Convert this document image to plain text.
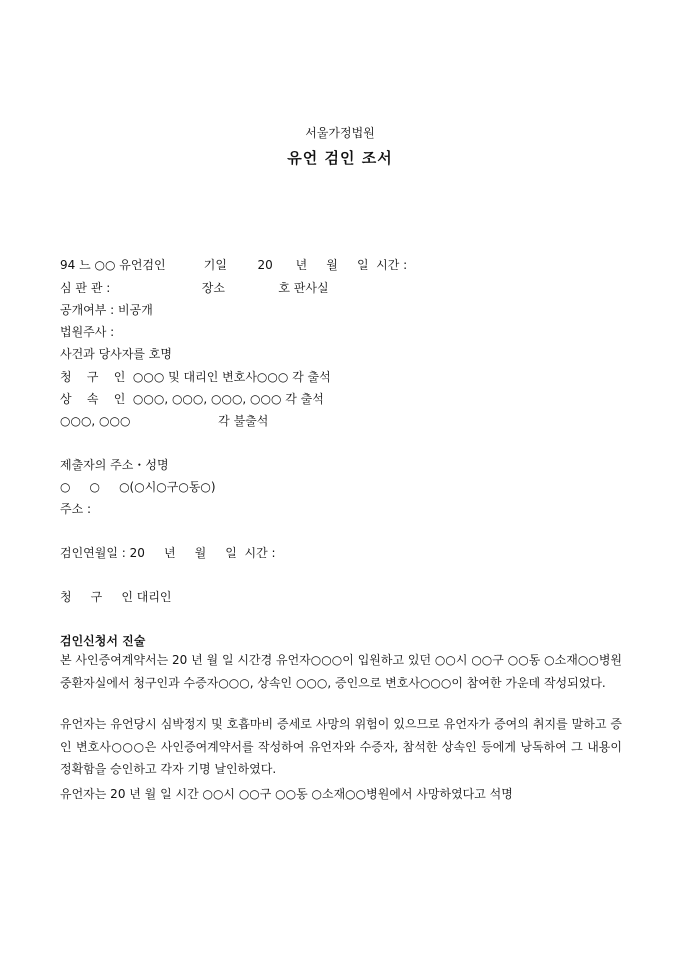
서울가정법원
유언 검인 조서
94 느 ○○ 유언검인          기일        20      년     월     일  시간 :
심 판 관 :                        장소              호 판사실
공개여부 : 비공개
법원주사 :
사건과 당사자를 호명
청    구    인  ○○○ 및 대리인 변호사○○○ 각 출석
상    속    인  ○○○, ○○○, ○○○, ○○○ 각 출석
○○○, ○○○                       각 불출석
제출자의 주소・성명
○     ○     ○(○시○구○동○)
주소 :
검인연월일 : 20     년     월     일  시간 :
청     구     인 대리인
검인신청서 진술
본 사인증여계약서는 20 년 월 일 시간경 유언자○○○이 입원하고 있던 ○○시 ○○구 ○○동 ○소재○○병원 중환자실에서 청구인과 수증자○○○, 상속인 ○○○, 증인으로 변호사○○○이 참여한 가운데 작성되었다.
유언자는 유언당시 심박정지 및 호흡마비 증세로 사망의 위험이 있으므로 유언자가 증여의 취지를 말하고 증인 변호사○○○은 사인증여계약서를 작성하여 유언자와 수증자, 참석한 상속인 등에게 낭독하여 그 내용이 정확함을 승인하고 각자 기명 날인하였다.
유언자는 20 년 월 일 시간 ○○시 ○○구 ○○동 ○소재○○병원에서 사망하였다고 석명
